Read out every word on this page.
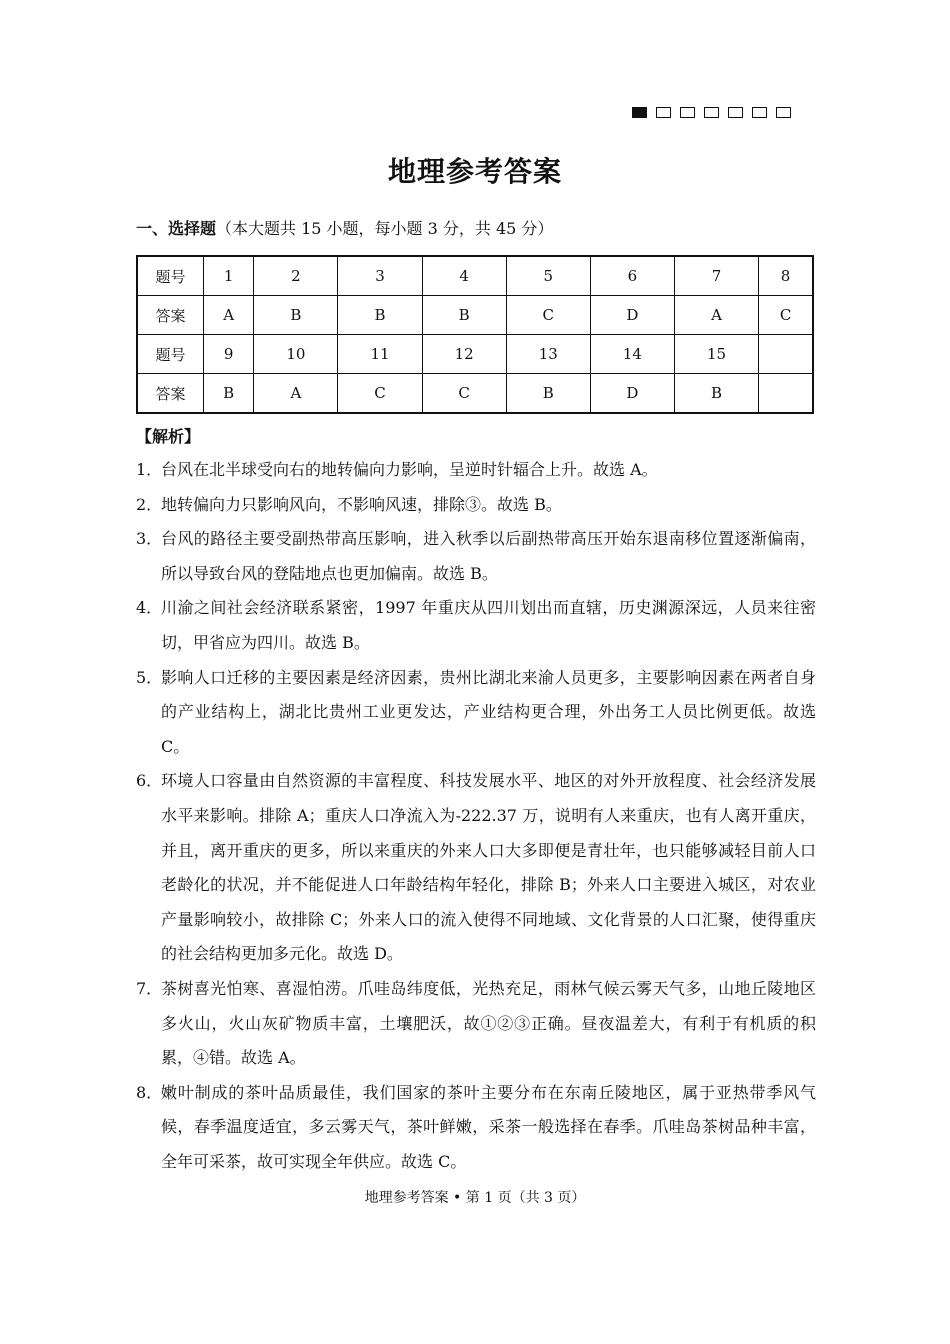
地理参考答案
一、选择题（本大题共 15 小题，每小题 3 分，共 45 分）
题号	1	2	3	4	5	6	7	8
答案	A	B	B	B	C	D	A	C
题号	9	10	11	12	13	14	15	
答案	B	A	C	C	B	D	B	
【解析】
1．
台风在北半球受向右的地转偏向力影响，呈逆时针辐合上升。故选 A。
2．
地转偏向力只影响风向，不影响风速，排除③。故选 B。
3．
台风的路径主要受副热带高压影响，进入秋季以后副热带高压开始东退南移位置逐渐偏南，所以导致台风的登陆地点也更加偏南。故选 B。
4．
川渝之间社会经济联系紧密，1997 年重庆从四川划出而直辖，历史渊源深远，人员来往密切，甲省应为四川。故选 B。
5．
影响人口迁移的主要因素是经济因素，贵州比湖北来渝人员更多，主要影响因素在两者自身的产业结构上，湖北比贵州工业更发达，产业结构更合理，外出务工人员比例更低。故选 C。
6．
环境人口容量由自然资源的丰富程度、科技发展水平、地区的对外开放程度、社会经济发展水平来影响。排除 A；重庆人口净流入为-222.37 万，说明有人来重庆，也有人离开重庆，并且，离开重庆的更多，所以来重庆的外来人口大多即便是青壮年，也只能够减轻目前人口老龄化的状况，并不能促进人口年龄结构年轻化，排除 B；外来人口主要进入城区，对农业产量影响较小，故排除 C；外来人口的流入使得不同地域、文化背景的人口汇聚，使得重庆的社会结构更加多元化。故选 D。
7．
茶树喜光怕寒、喜湿怕涝。爪哇岛纬度低，光热充足，雨林气候云雾天气多，山地丘陵地区多火山，火山灰矿物质丰富，土壤肥沃，故①②③正确。昼夜温差大，有利于有机质的积累，④错。故选 A。
8．
嫩叶制成的茶叶品质最佳，我们国家的茶叶主要分布在东南丘陵地区，属于亚热带季风气候，春季温度适宜，多云雾天气，茶叶鲜嫩，采茶一般选择在春季。爪哇岛茶树品种丰富，全年可采茶，故可实现全年供应。故选 C。
地理参考答案 • 第 1 页（共 3 页）
